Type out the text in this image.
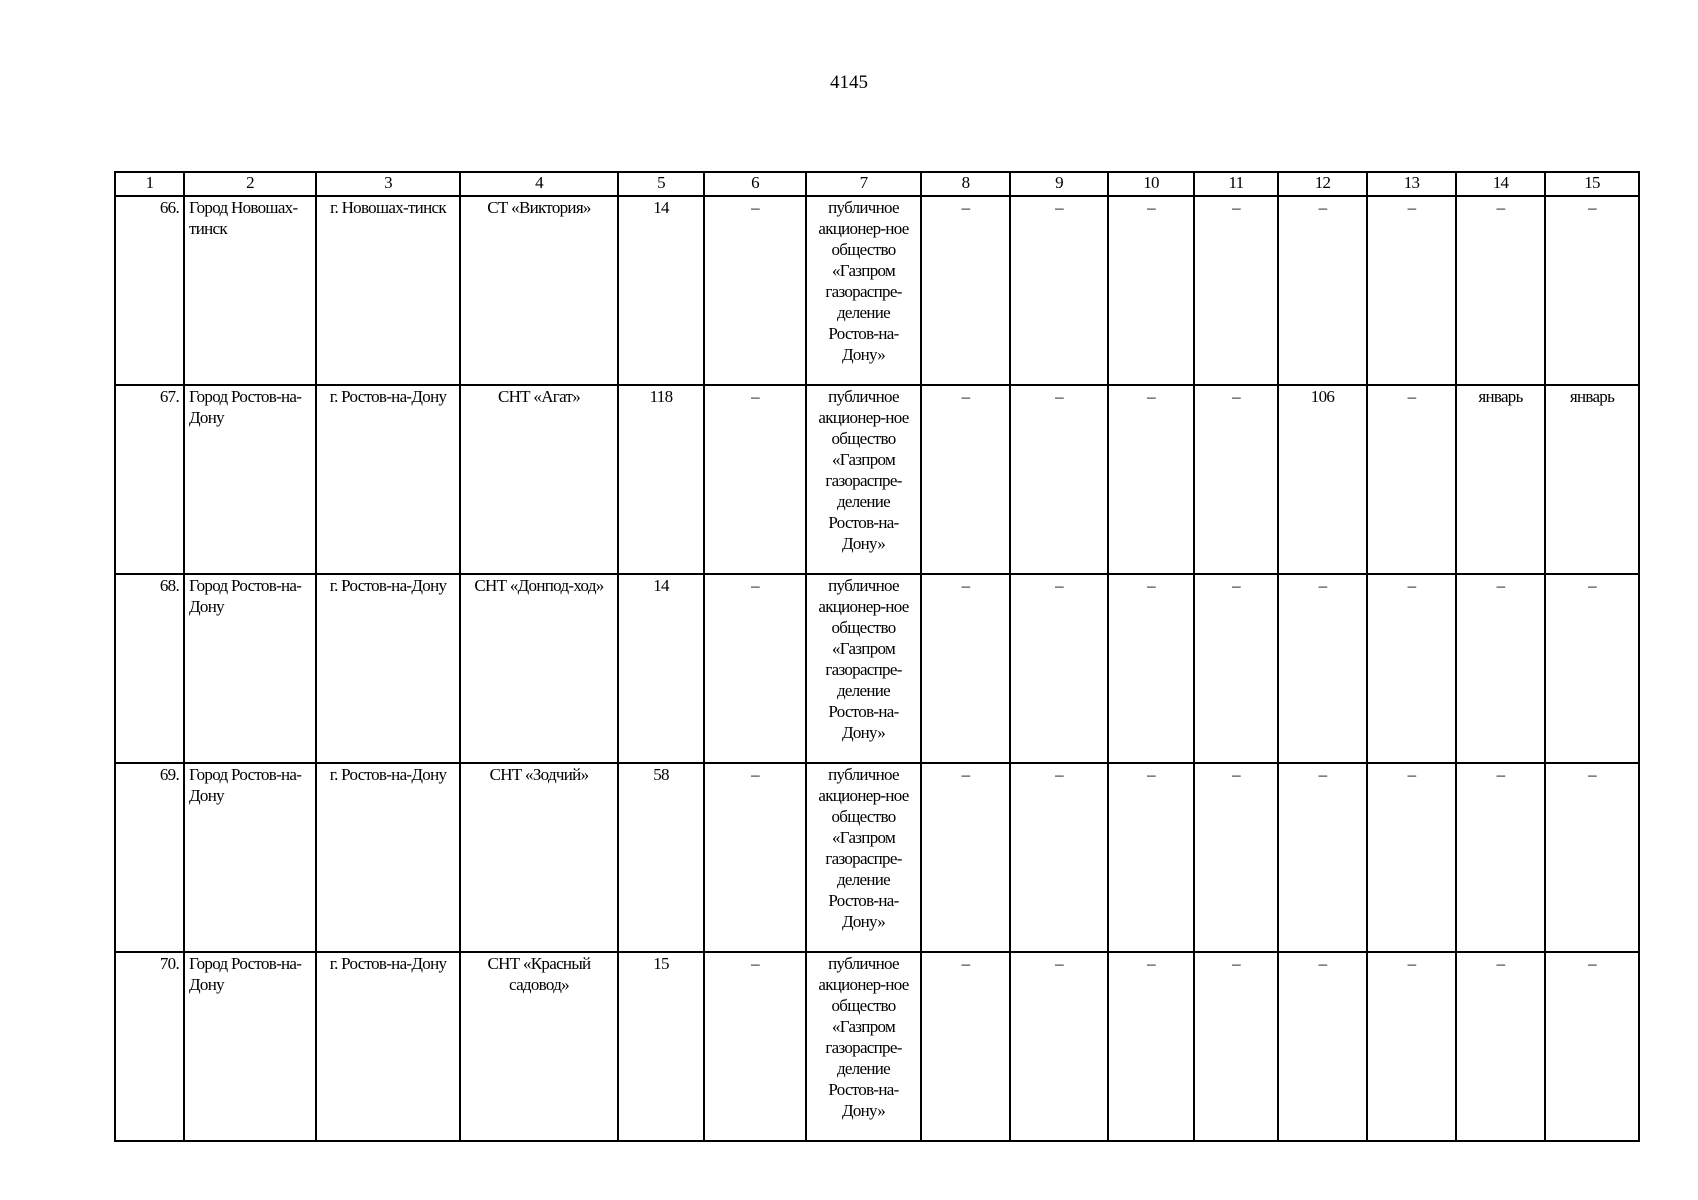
4145
1	2	3	4	5	6	7	8	9	10	11	12	13	14	15
66.	Город Новошах-тинск	г. Новошах-тинск	СТ «Виктория»	14	–	публичное акционер-ное общество «Газпром газораспре-деление Ростов-на-Дону»	–	–	–	–	–	–	–	–
67.	Город Ростов-на-Дону	г. Ростов-на-Дону	СНТ «Агат»	118	–	публичное акционер-ное общество «Газпром газораспре-деление Ростов-на-Дону»	–	–	–	–	106	–	январь	январь
68.	Город Ростов-на-Дону	г. Ростов-на-Дону	СНТ «Донпод-ход»	14	–	публичное акционер-ное общество «Газпром газораспре-деление Ростов-на-Дону»	–	–	–	–	–	–	–	–
69.	Город Ростов-на-Дону	г. Ростов-на-Дону	СНТ «Зодчий»	58	–	публичное акционер-ное общество «Газпром газораспре-деление Ростов-на-Дону»	–	–	–	–	–	–	–	–
70.	Город Ростов-на-Дону	г. Ростов-на-Дону	СНТ «Красный садовод»	15	–	публичное акционер-ное общество «Газпром газораспре-деление Ростов-на-Дону»	–	–	–	–	–	–	–	–
